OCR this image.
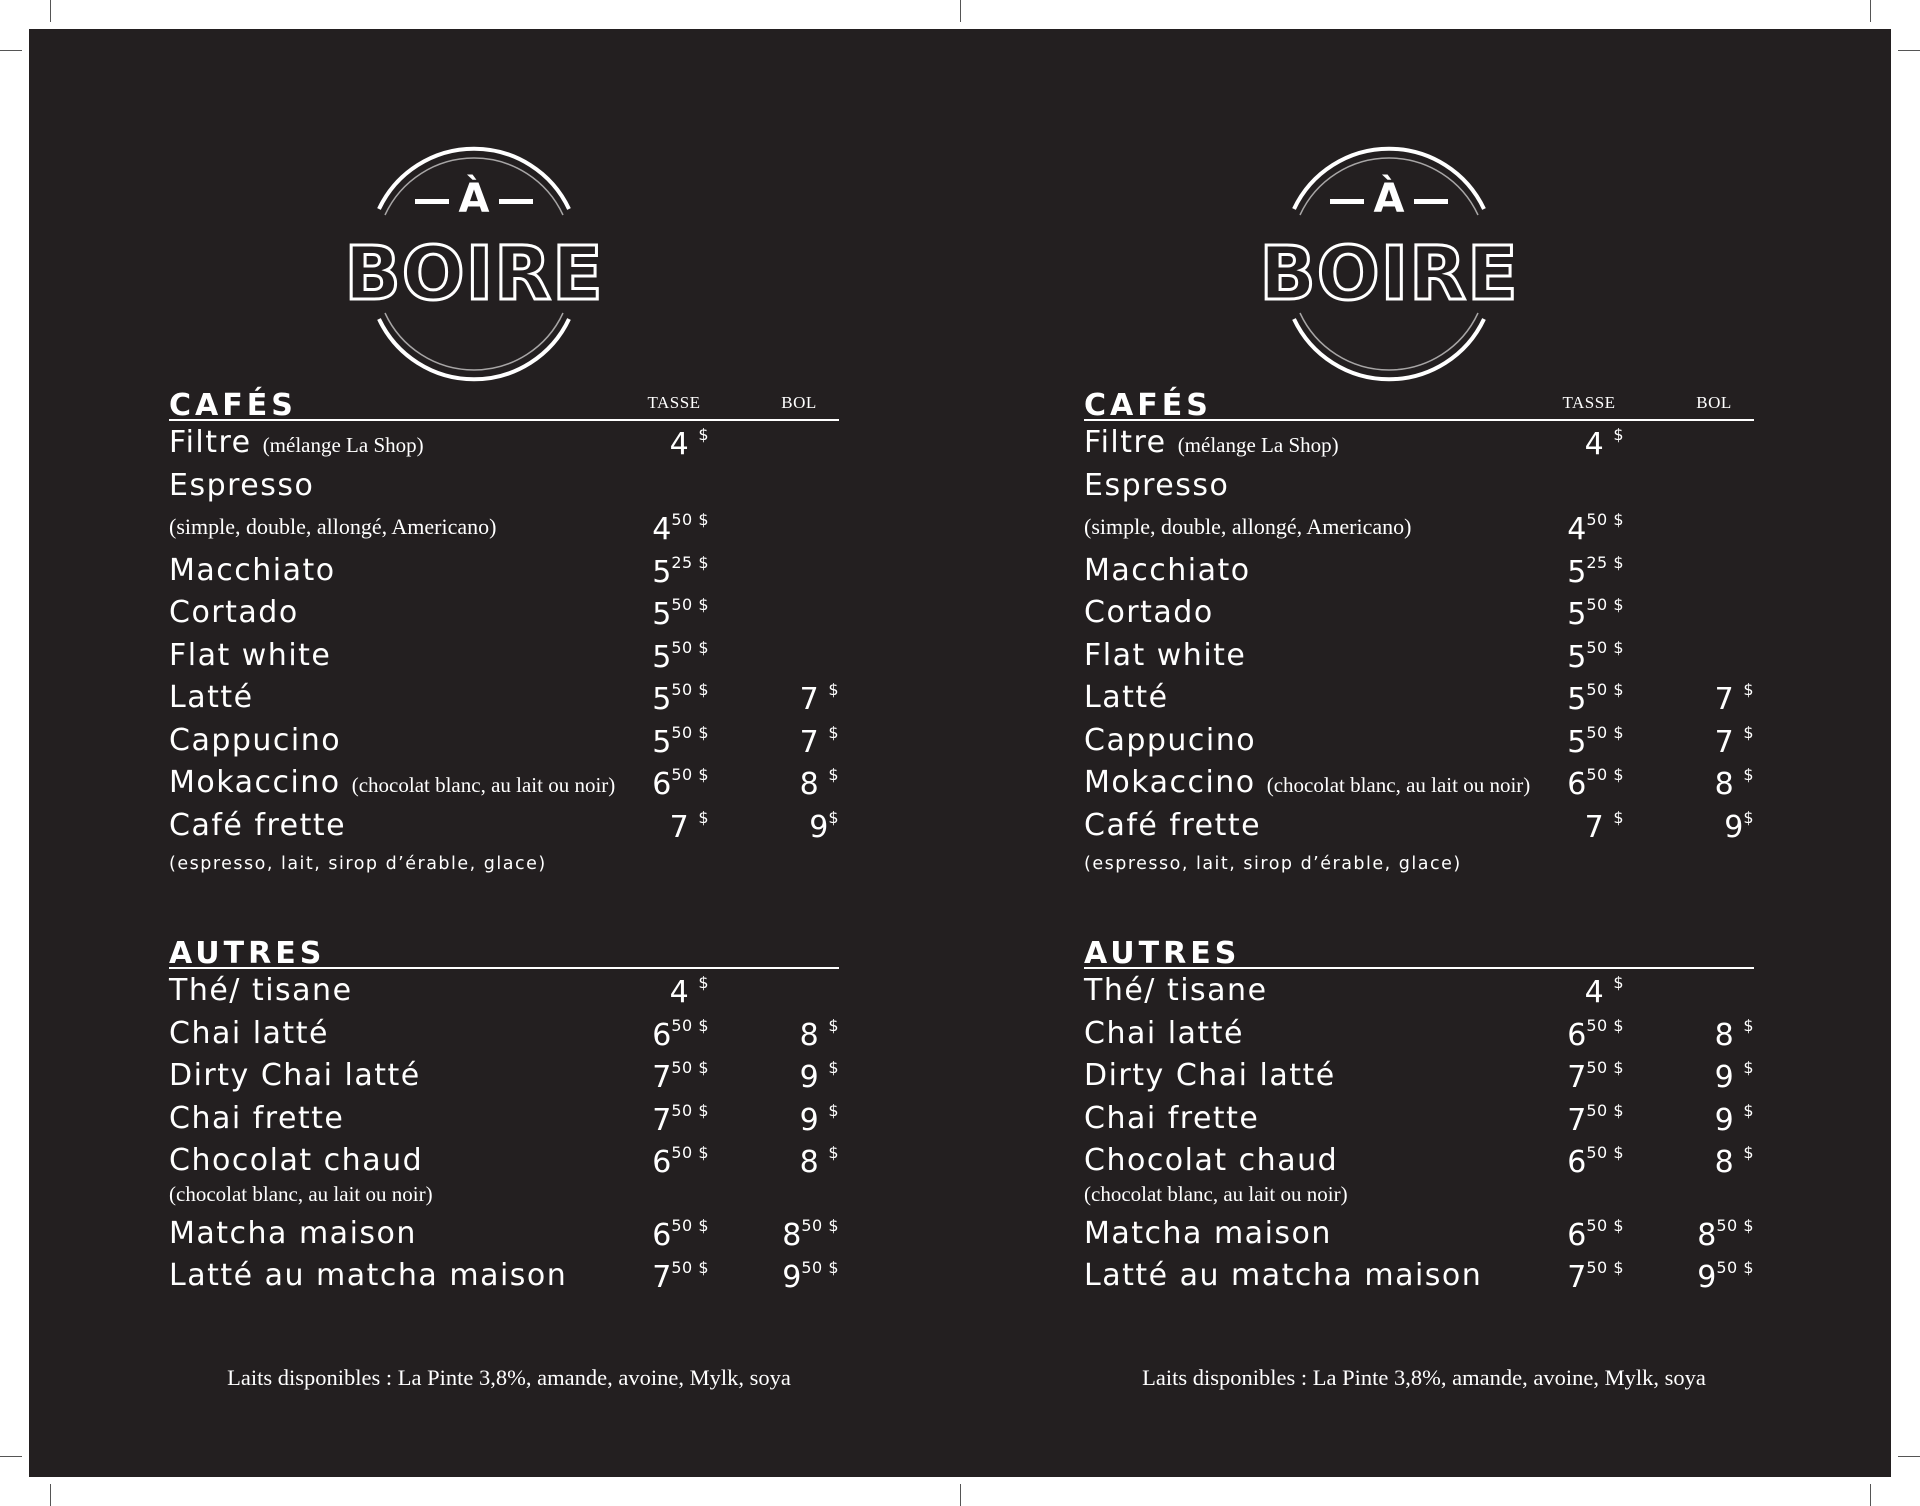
À
BOIRE
CAFÉS	TASSE	BOL
Filtre (mélange La Shop)	4 $
Espresso
(simple, double, allongé, Americano)	$4^{50 \$}$
Macchiato	$5^{25 \$}$
Cortado	$5^{50 \$}$
Flat white	$5^{50 \$}$
Latté	$5^{50 \$}$	7 $
Cappucino	$5^{50 \$}$	7 $
Mokaccino (chocolat blanc, au lait ou noir)	$6^{50 \$}$	8 $
Café frette	7 $	9$
(espresso, lait, sirop d’érable, glace)
AUTRES
Thé/ tisane	4 $
Chai latté	$6^{50 \$}$	8 $
Dirty Chai latté	$7^{50 \$}$	9 $
Chai frette	$7^{50 \$}$	9 $
Chocolat chaud	$6^{50 \$}$	8 $
(chocolat blanc, au lait ou noir)
Matcha maison	$6^{50 \$}$	$8^{50 \$}$
Latté au matcha maison	$7^{50 \$}$	$9^{50 \$}$
Laits disponibles : La Pinte 3,8%, amande, avoine, Mylk, soya
À
BOIRE
CAFÉS	TASSE	BOL
Filtre (mélange La Shop)	4 $
Espresso
(simple, double, allongé, Americano)	$4^{50 \$}$
Macchiato	$5^{25 \$}$
Cortado	$5^{50 \$}$
Flat white	$5^{50 \$}$
Latté	$5^{50 \$}$	7 $
Cappucino	$5^{50 \$}$	7 $
Mokaccino (chocolat blanc, au lait ou noir)	$6^{50 \$}$	8 $
Café frette	7 $	9$
(espresso, lait, sirop d’érable, glace)
AUTRES
Thé/ tisane	4 $
Chai latté	$6^{50 \$}$	8 $
Dirty Chai latté	$7^{50 \$}$	9 $
Chai frette	$7^{50 \$}$	9 $
Chocolat chaud	$6^{50 \$}$	8 $
(chocolat blanc, au lait ou noir)
Matcha maison	$6^{50 \$}$	$8^{50 \$}$
Latté au matcha maison	$7^{50 \$}$	$9^{50 \$}$
Laits disponibles : La Pinte 3,8%, amande, avoine, Mylk, soya
